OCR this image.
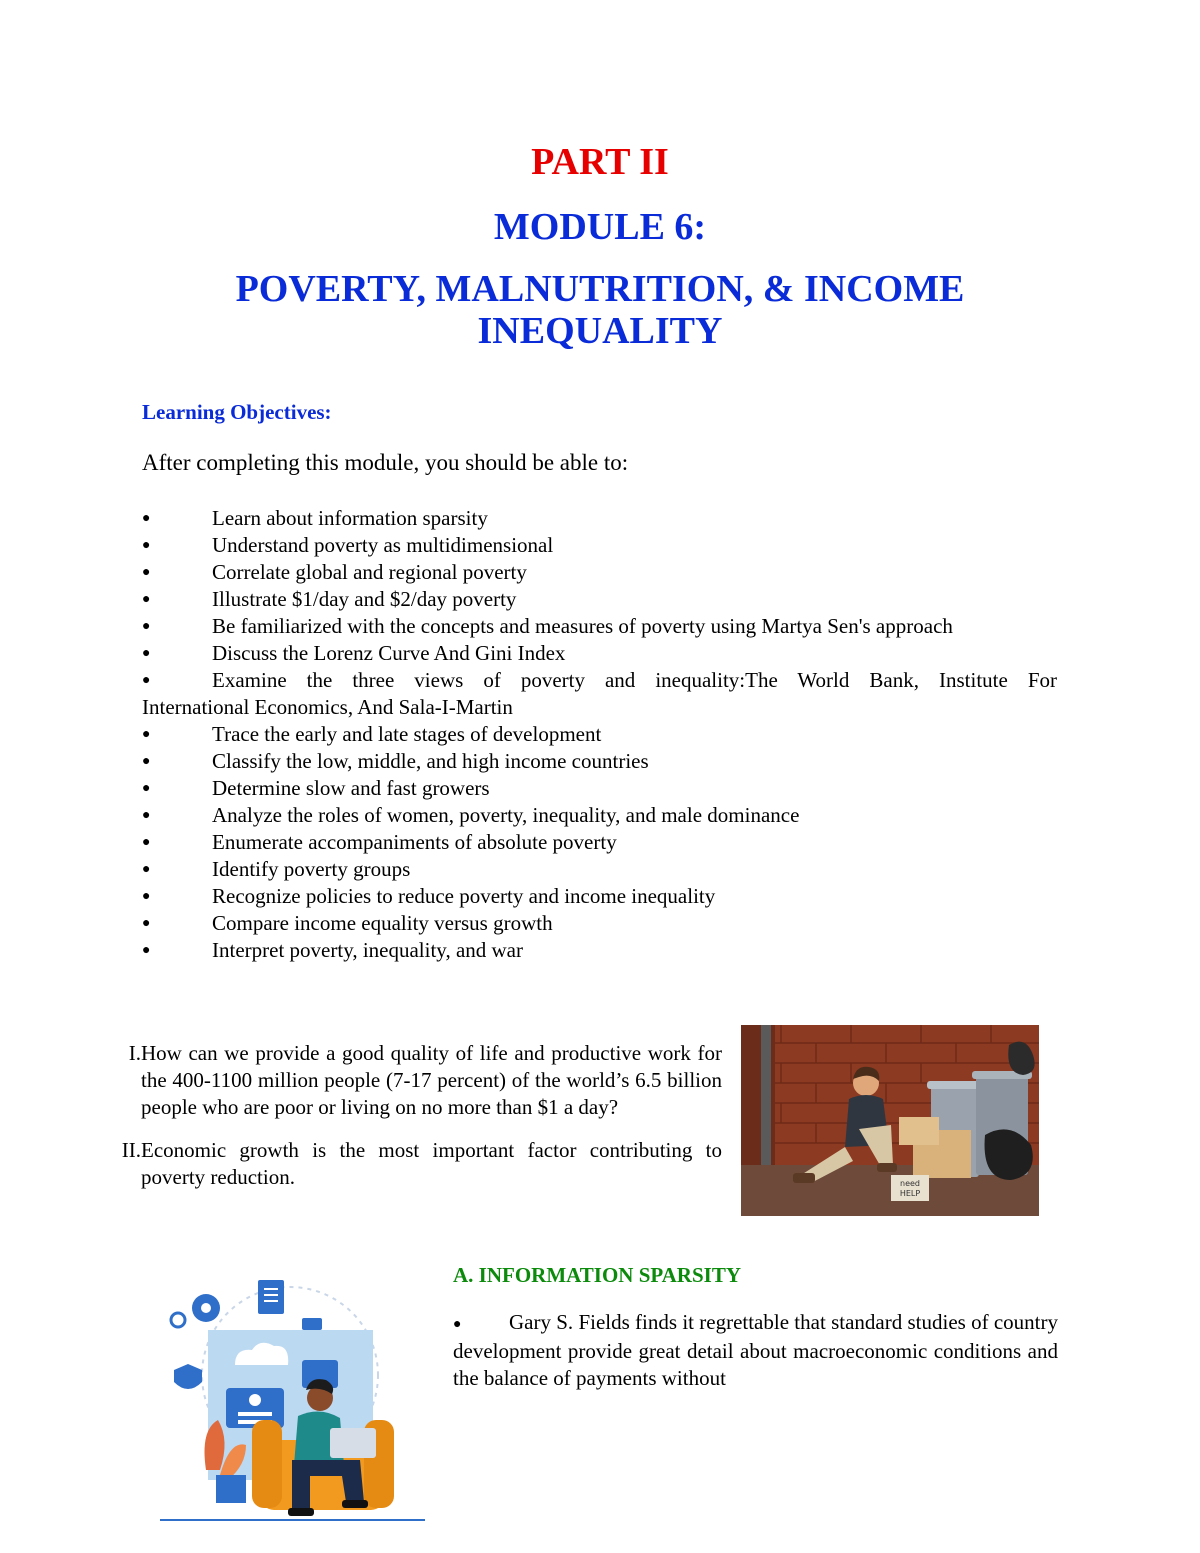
PART II
MODULE 6:
POVERTY, MALNUTRITION, & INCOME
INEQUALITY
Learning Objectives:
After completing this module, you should be able to:
●	Learn about information sparsity
●	Understand poverty as multidimensional
●	Correlate global and regional poverty
●	Illustrate $1/day and $2/day poverty
●	Be familiarized with the concepts and measures of poverty using Martya Sen's approach
●	Discuss the Lorenz Curve And Gini Index
●	Examine the three views of poverty and inequality:The World Bank, Institute For
International Economics, And Sala-I-Martin
●	Trace the early and late stages of development
●	Classify the low, middle, and high income countries
●	Determine slow and fast growers
●	Analyze the roles of women, poverty, inequality, and male dominance
●	Enumerate accompaniments of absolute poverty
●	Identify poverty groups
●	Recognize policies to reduce poverty and income inequality
●	Compare income equality versus growth
●	Interpret poverty, inequality, and war
I. How can we provide a good quality of life and productive work for the 400-1100 million people (7-17 percent) of the world’s 6.5 billion people who are poor or living on no more than $1 a day?
II. Economic growth is the most important factor contributing to poverty reduction.	need
HELP
A. INFORMATION SPARSITY
● Gary S. Fields finds it regrettable that standard studies of country development provide great detail about macroeconomic conditions and the balance of payments without
